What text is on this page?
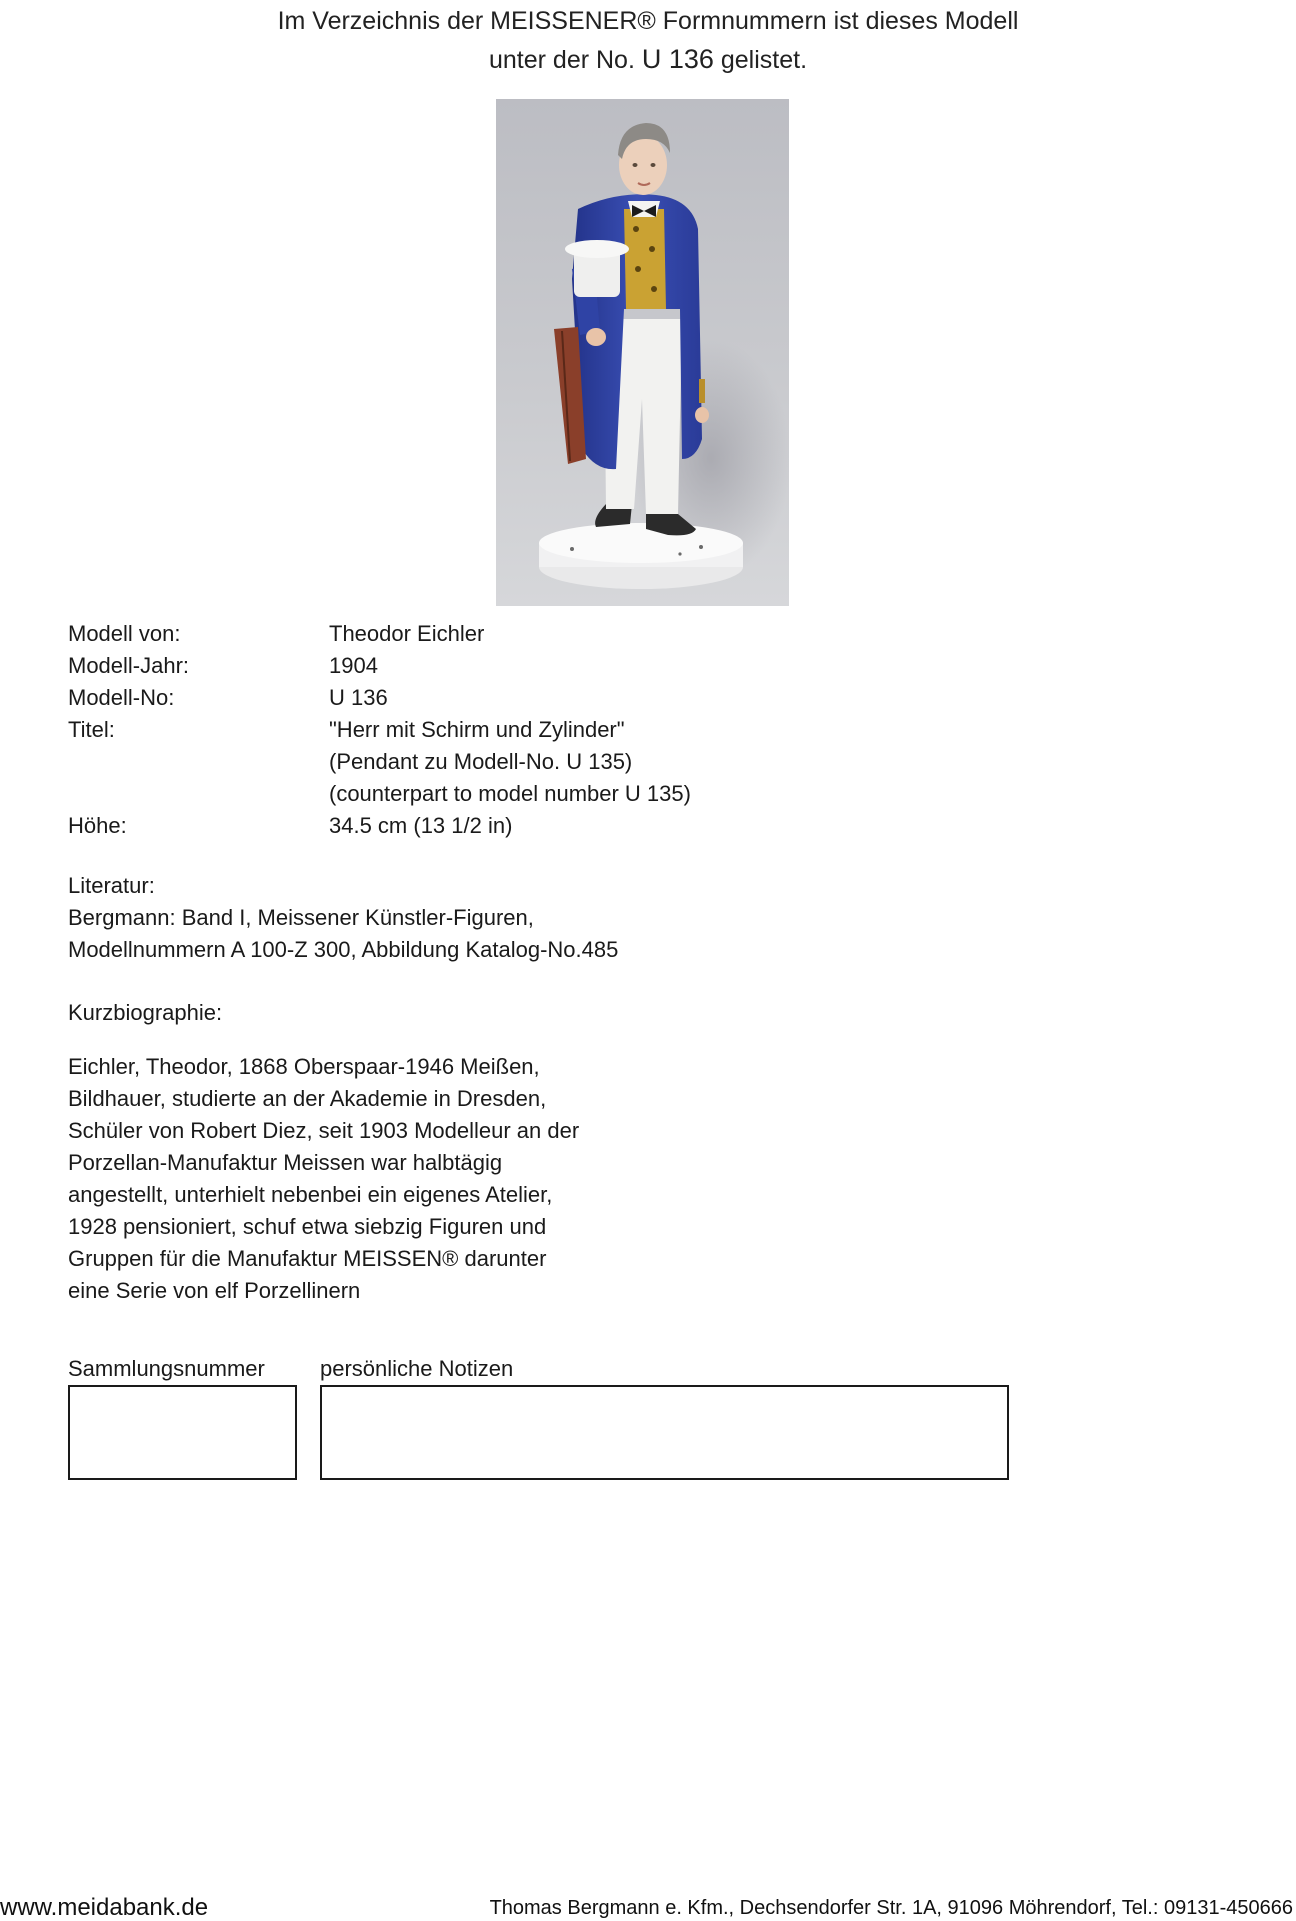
Im Verzeichnis der MEISSENER® Formnummern ist dieses Modell
unter der No. U 136 gelistet.
Modell von:	Theodor Eichler
Modell-Jahr:	1904
Modell-No:	U 136
Titel:	"Herr mit Schirm und Zylinder"
(Pendant zu Modell-No. U 135)
(counterpart to model number U 135)
Höhe:	34.5 cm (13 1/2 in)
Literatur:
Bergmann: Band I, Meissener Künstler-Figuren,
Modellnummern A 100-Z 300, Abbildung Katalog-No.485
Kurzbiographie:
Eichler, Theodor, 1868 Oberspaar-1946 Meißen,
Bildhauer, studierte an der Akademie in Dresden,
Schüler von Robert Diez, seit 1903 Modelleur an der
Porzellan-Manufaktur Meissen war halbtägig
angestellt, unterhielt nebenbei ein eigenes Atelier,
1928 pensioniert, schuf etwa siebzig Figuren und
Gruppen für die Manufaktur MEISSEN® darunter
eine Serie von elf Porzellinern
Sammlungsnummer	persönliche Notizen
www.meidabank.de	Thomas Bergmann e. Kfm., Dechsendorfer Str. 1A, 91096 Möhrendorf, Tel.: 09131-450666
